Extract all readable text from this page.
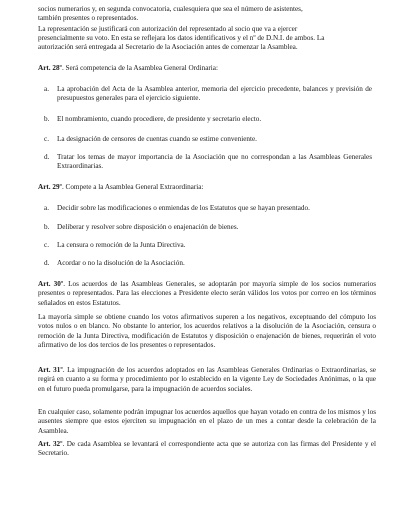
socios numerarios y, en segunda convocatoria, cualesquiera que sea el número de asistentes,

también presentes o representados.

La representación se justificará con autorización del representado al socio que va a ejercer

presencialmente su voto. En esta se reflejara los datos identificativos y el nº de D.N.I. de ambos. La

autorización será entregada al Secretario de la Asociación antes de comenzar la Asamblea.

Art. 28º. Será competencia de la Asamblea General Ordinaria:

a.	La aprobación del Acta de la Asamblea anterior, memoria del ejercicio precedente, balances y previsión de presupuestos generales para el ejercicio siguiente.

b.	El nombramiento, cuando procediere, de presidente y secretario electo.

c.	La designación de censores de cuentas cuando se estime conveniente.

d.	Tratar los temas de mayor importancia de la Asociación que no correspondan a las Asambleas Generales Extraordinarias.

Art. 29º. Compete a la Asamblea General Extraordinaria:

a.	Decidir sobre las modificaciones o enmiendas de los Estatutos que se hayan presentado.

b.	Deliberar y resolver sobre disposición o enajenación de bienes.

c.	La censura o remoción de la Junta Directiva.

d.	Acordar o no la disolución de la Asociación.

Art. 30º. Los acuerdos de las Asambleas Generales, se adoptarán por mayoría simple de los socios numerarios presentes o representados. Para las elecciones a Presidente electo serán válidos los votos por correo en los términos señalados en estos Estatutos.

La mayoría simple se obtiene cuando los votos afirmativos superen a los negativos, exceptuando del cómputo los votos nulos o en blanco. No obstante lo anterior, los acuerdos relativos a la disolución de la Asociación, censura o remoción de la Junta Directiva, modificación de Estatutos y disposición o enajenación de bienes, requerirán el voto afirmativo de los dos tercios de los presentes o representados.

Art. 31º. La impugnación de los acuerdos adoptados en las Asambleas Generales Ordinarias o Extraordinarias, se regirá en cuanto a su forma y procedimiento por lo establecido en la vigente Ley de Sociedades Anónimas, o la que en el futuro pueda promulgarse, para la impugnación de acuerdos sociales.

En cualquier caso, solamente podrán impugnar los acuerdos aquellos que hayan votado en contra de los mismos y los ausentes siempre que estos ejerciten su impugnación en el plazo de un mes a contar desde la celebración de la Asamblea.

Art. 32º. De cada Asamblea se levantará el correspondiente acta que se autoriza con las firmas del Presidente y el Secretario.
